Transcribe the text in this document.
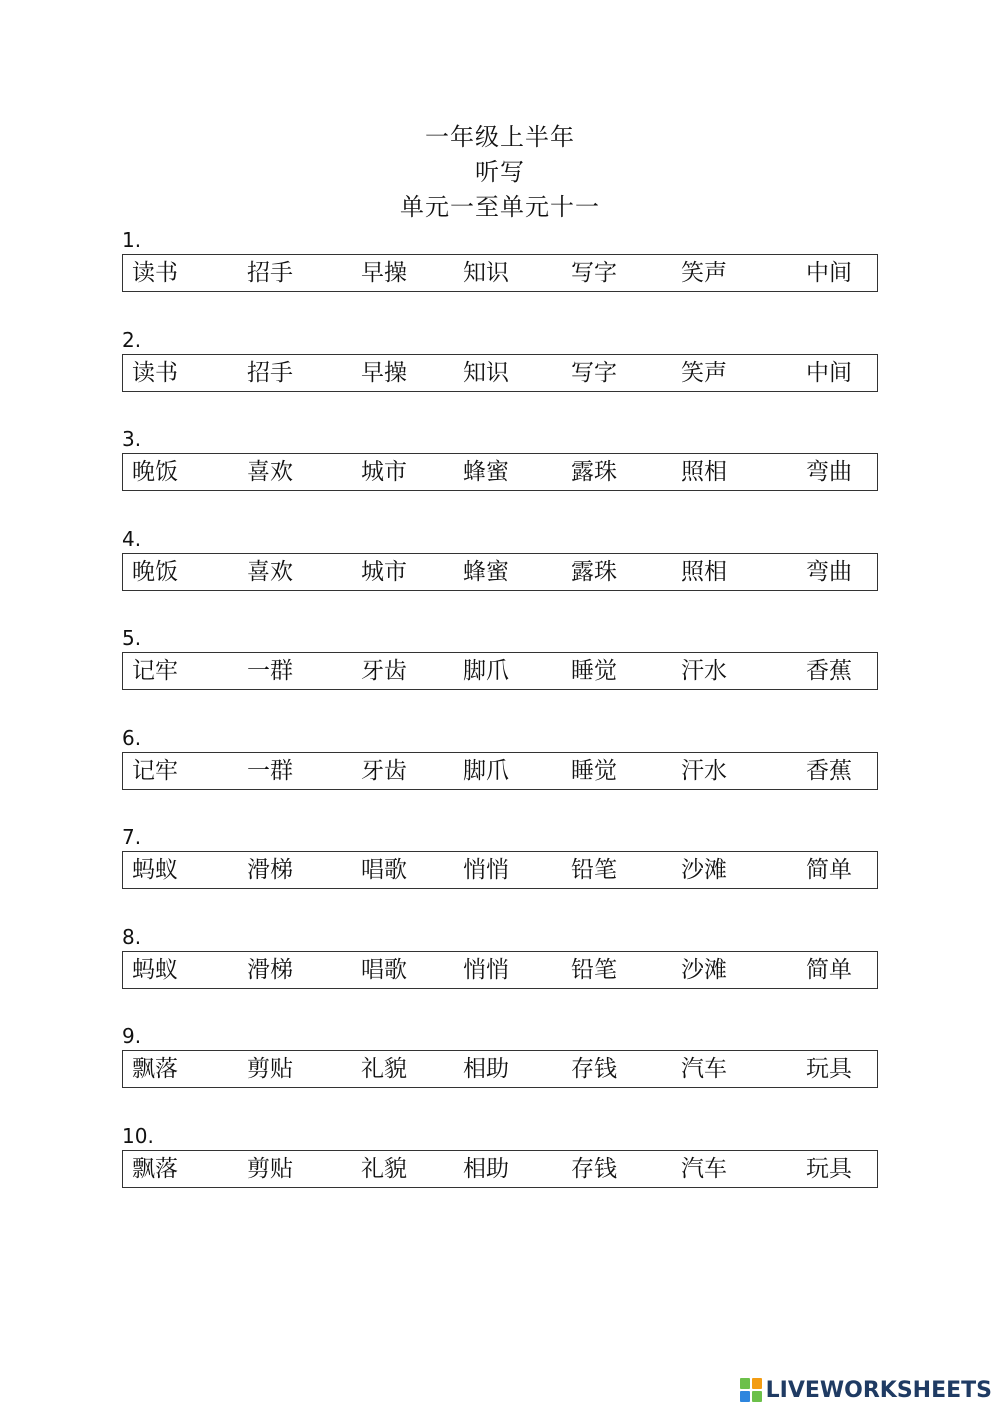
一年级上半年
听写
单元一至单元十一
1.
读书	招手	早操 知识	写字	笑声	中间
2.
读书	招手	早操 知识	写字	笑声	中间
3.
晚饭	喜欢	城市 蜂蜜	露珠	照相	弯曲
4.
晚饭	喜欢	城市 蜂蜜	露珠	照相	弯曲
5.
记牢	一群	牙齿 脚爪	睡觉	汗水	香蕉
6.
记牢	一群	牙齿 脚爪	睡觉	汗水	香蕉
7.
蚂蚁	滑梯	唱歌 悄悄	铅笔	沙滩	简单
8.
蚂蚁	滑梯	唱歌 悄悄	铅笔	沙滩	简单
9.
飘落	剪贴	礼貌 相助	存钱	汽车	玩具
10.
飘落	剪贴	礼貌 相助	存钱	汽车	玩具
LIVEWORKSHEETS
